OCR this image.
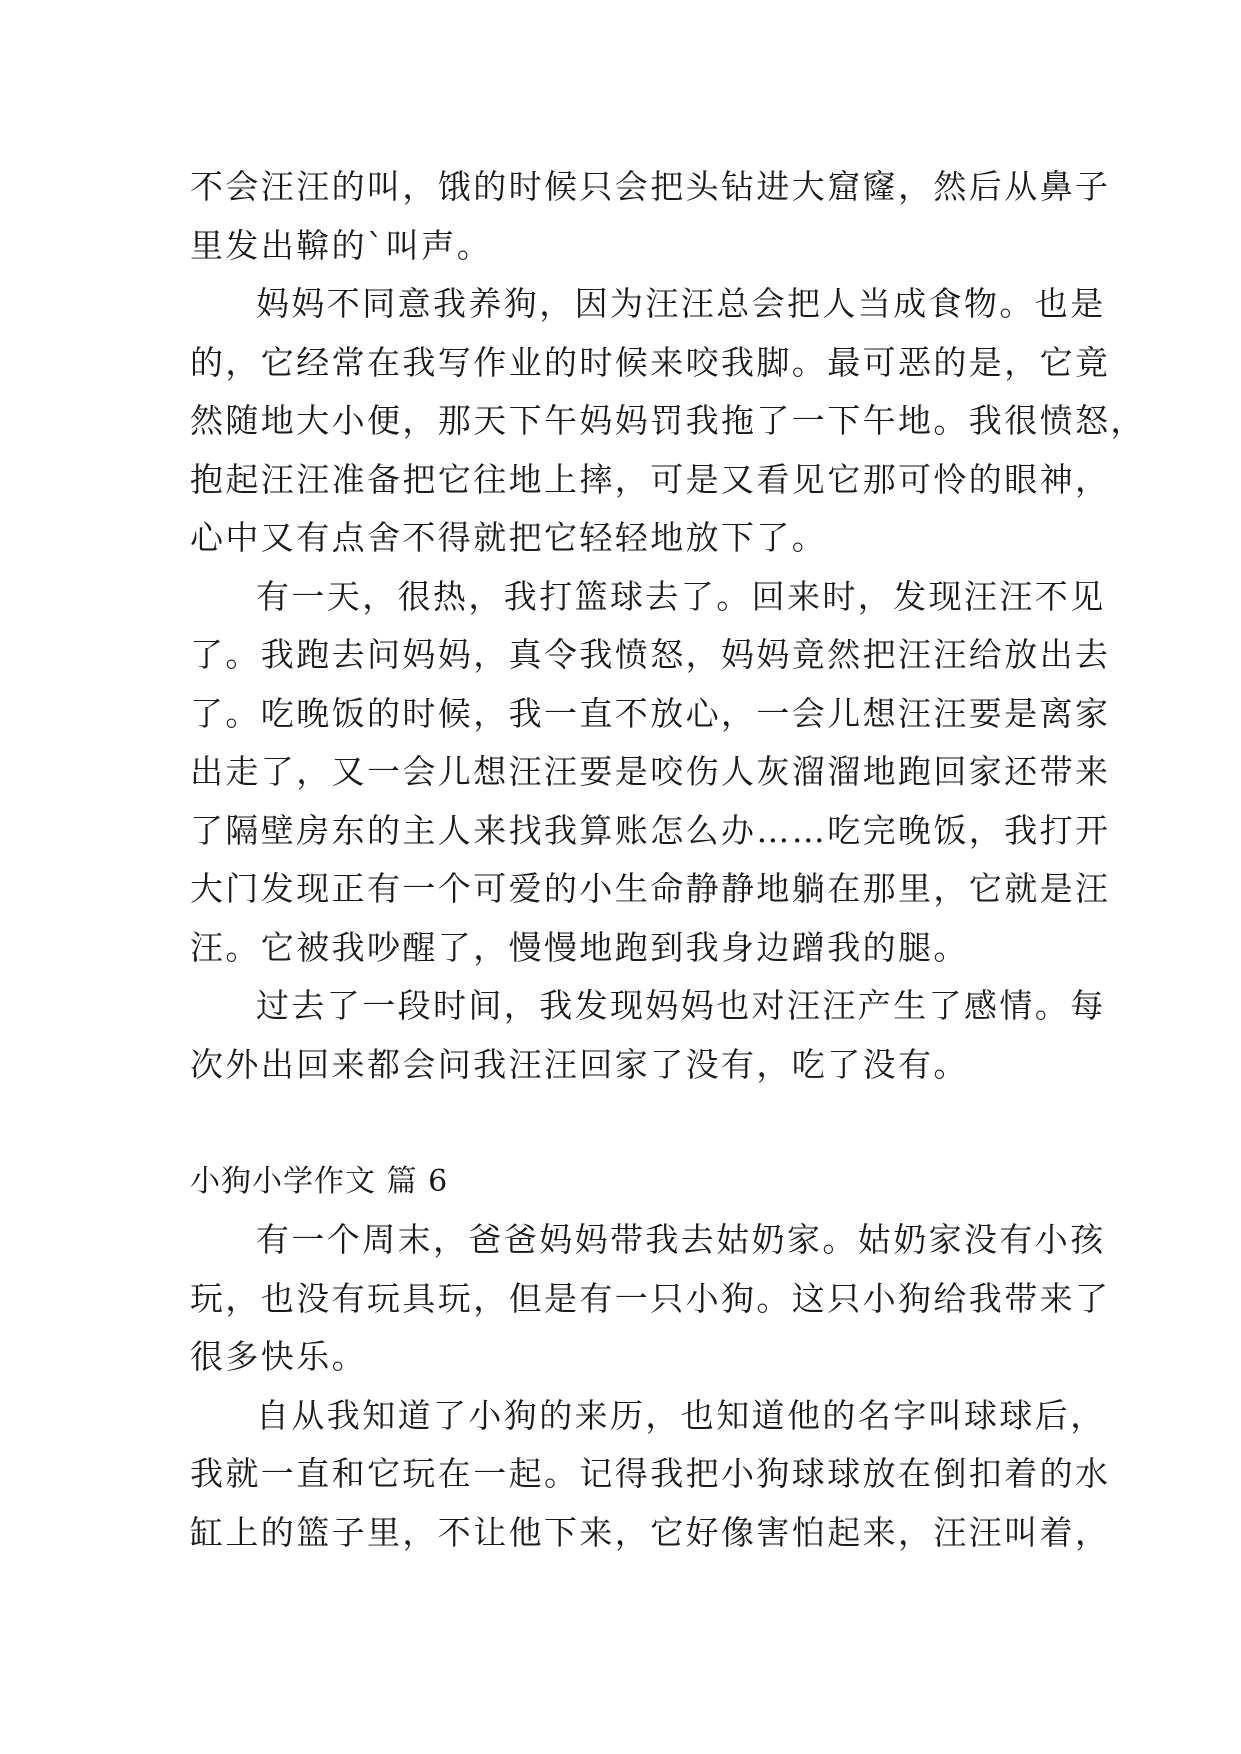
不会汪汪的叫，饿的时候只会把头钻进大窟窿，然后从鼻子
里发出鞥的`叫声。
妈妈不同意我养狗，因为汪汪总会把人当成食物。也是
的，它经常在我写作业的时候来咬我脚。最可恶的是，它竟
然随地大小便，那天下午妈妈罚我拖了一下午地。我很愤怒，
抱起汪汪准备把它往地上摔，可是又看见它那可怜的眼神，
心中又有点舍不得就把它轻轻地放下了。
有一天，很热，我打篮球去了。回来时，发现汪汪不见
了。我跑去问妈妈，真令我愤怒，妈妈竟然把汪汪给放出去
了。吃晚饭的时候，我一直不放心，一会儿想汪汪要是离家
出走了，又一会儿想汪汪要是咬伤人灰溜溜地跑回家还带来
了隔壁房东的主人来找我算账怎么办……吃完晚饭，我打开
大门发现正有一个可爱的小生命静静地躺在那里，它就是汪
汪。它被我吵醒了，慢慢地跑到我身边蹭我的腿。
过去了一段时间，我发现妈妈也对汪汪产生了感情。每
次外出回来都会问我汪汪回家了没有，吃了没有。
小狗小学作文 篇 6
有一个周末，爸爸妈妈带我去姑奶家。姑奶家没有小孩
玩，也没有玩具玩，但是有一只小狗。这只小狗给我带来了
很多快乐。
自从我知道了小狗的来历，也知道他的名字叫球球后，
我就一直和它玩在一起。记得我把小狗球球放在倒扣着的水
缸上的篮子里，不让他下来，它好像害怕起来，汪汪叫着，
